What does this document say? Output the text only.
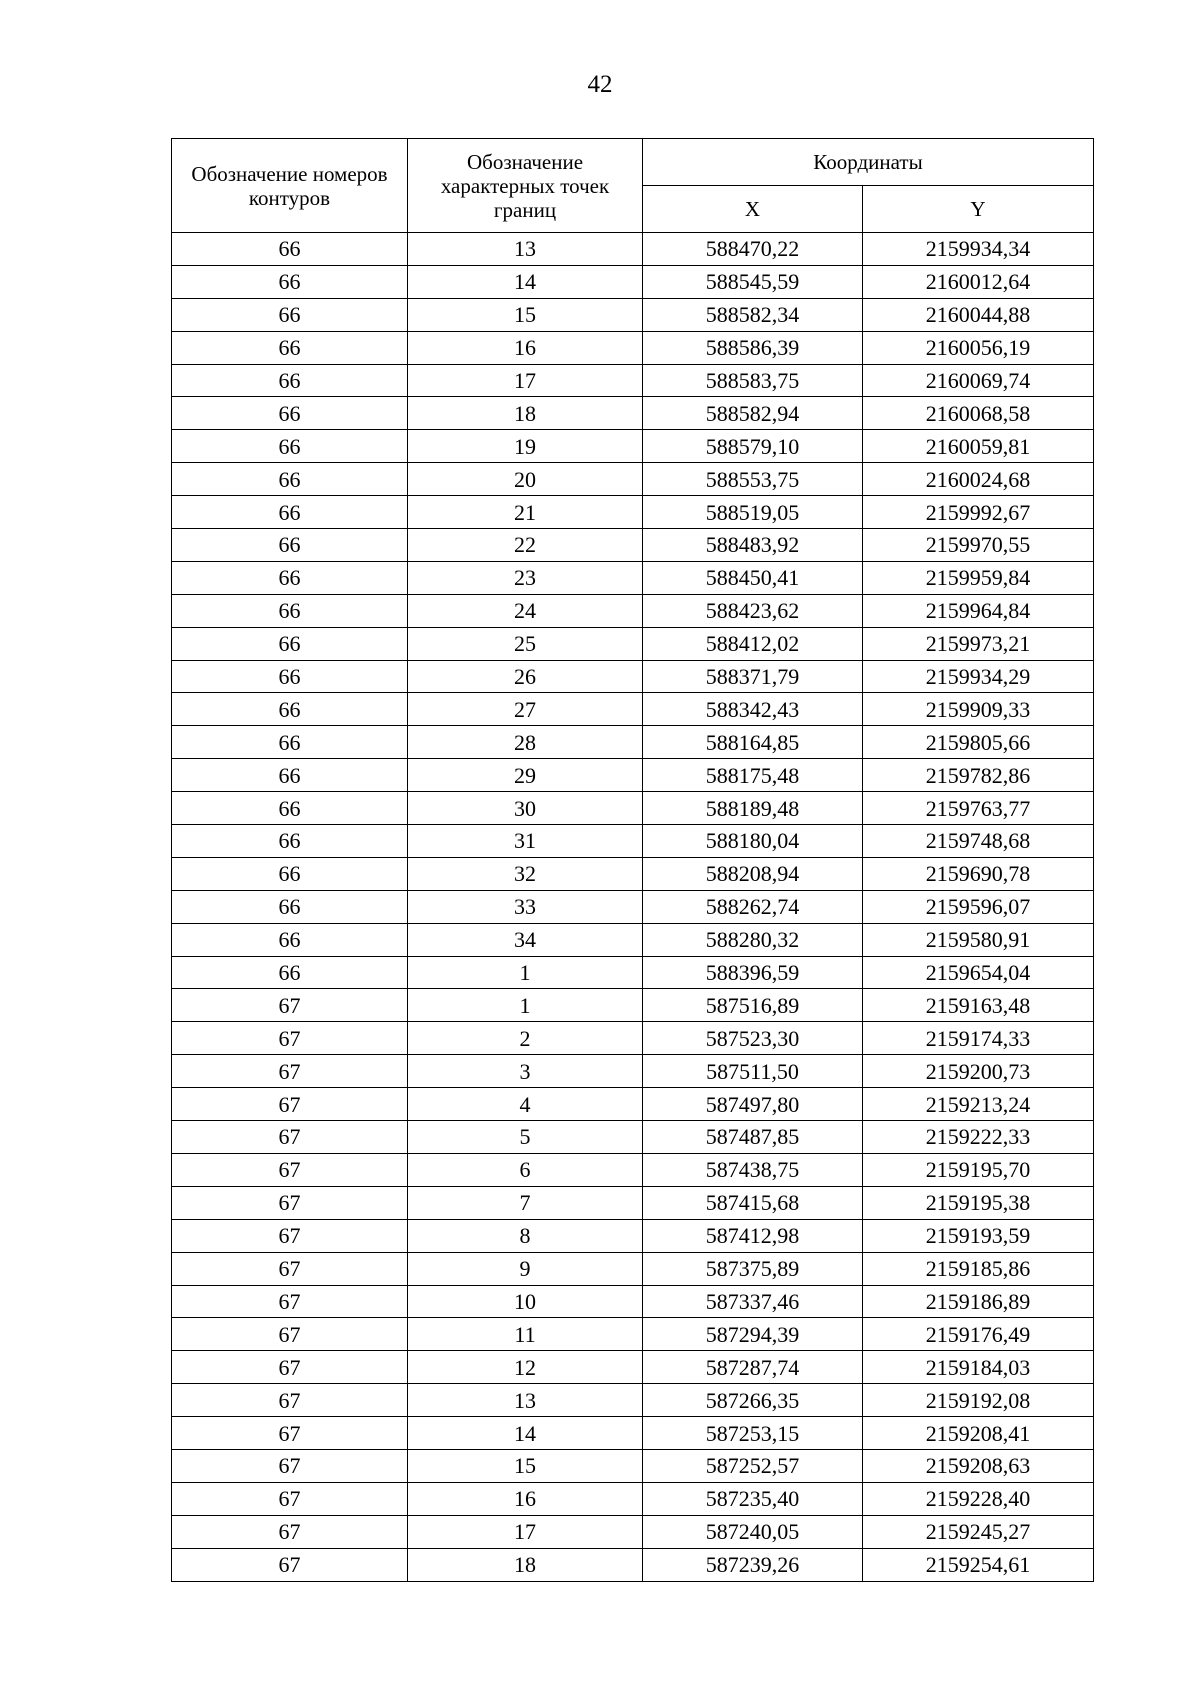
42
Обозначение номеров контуров	Обозначение характерных точек границ	Координаты	
		X	Y
66	13	588470,22	2159934,34
66	14	588545,59	2160012,64
66	15	588582,34	2160044,88
66	16	588586,39	2160056,19
66	17	588583,75	2160069,74
66	18	588582,94	2160068,58
66	19	588579,10	2160059,81
66	20	588553,75	2160024,68
66	21	588519,05	2159992,67
66	22	588483,92	2159970,55
66	23	588450,41	2159959,84
66	24	588423,62	2159964,84
66	25	588412,02	2159973,21
66	26	588371,79	2159934,29
66	27	588342,43	2159909,33
66	28	588164,85	2159805,66
66	29	588175,48	2159782,86
66	30	588189,48	2159763,77
66	31	588180,04	2159748,68
66	32	588208,94	2159690,78
66	33	588262,74	2159596,07
66	34	588280,32	2159580,91
66	1	588396,59	2159654,04
67	1	587516,89	2159163,48
67	2	587523,30	2159174,33
67	3	587511,50	2159200,73
67	4	587497,80	2159213,24
67	5	587487,85	2159222,33
67	6	587438,75	2159195,70
67	7	587415,68	2159195,38
67	8	587412,98	2159193,59
67	9	587375,89	2159185,86
67	10	587337,46	2159186,89
67	11	587294,39	2159176,49
67	12	587287,74	2159184,03
67	13	587266,35	2159192,08
67	14	587253,15	2159208,41
67	15	587252,57	2159208,63
67	16	587235,40	2159228,40
67	17	587240,05	2159245,27
67	18	587239,26	2159254,61
